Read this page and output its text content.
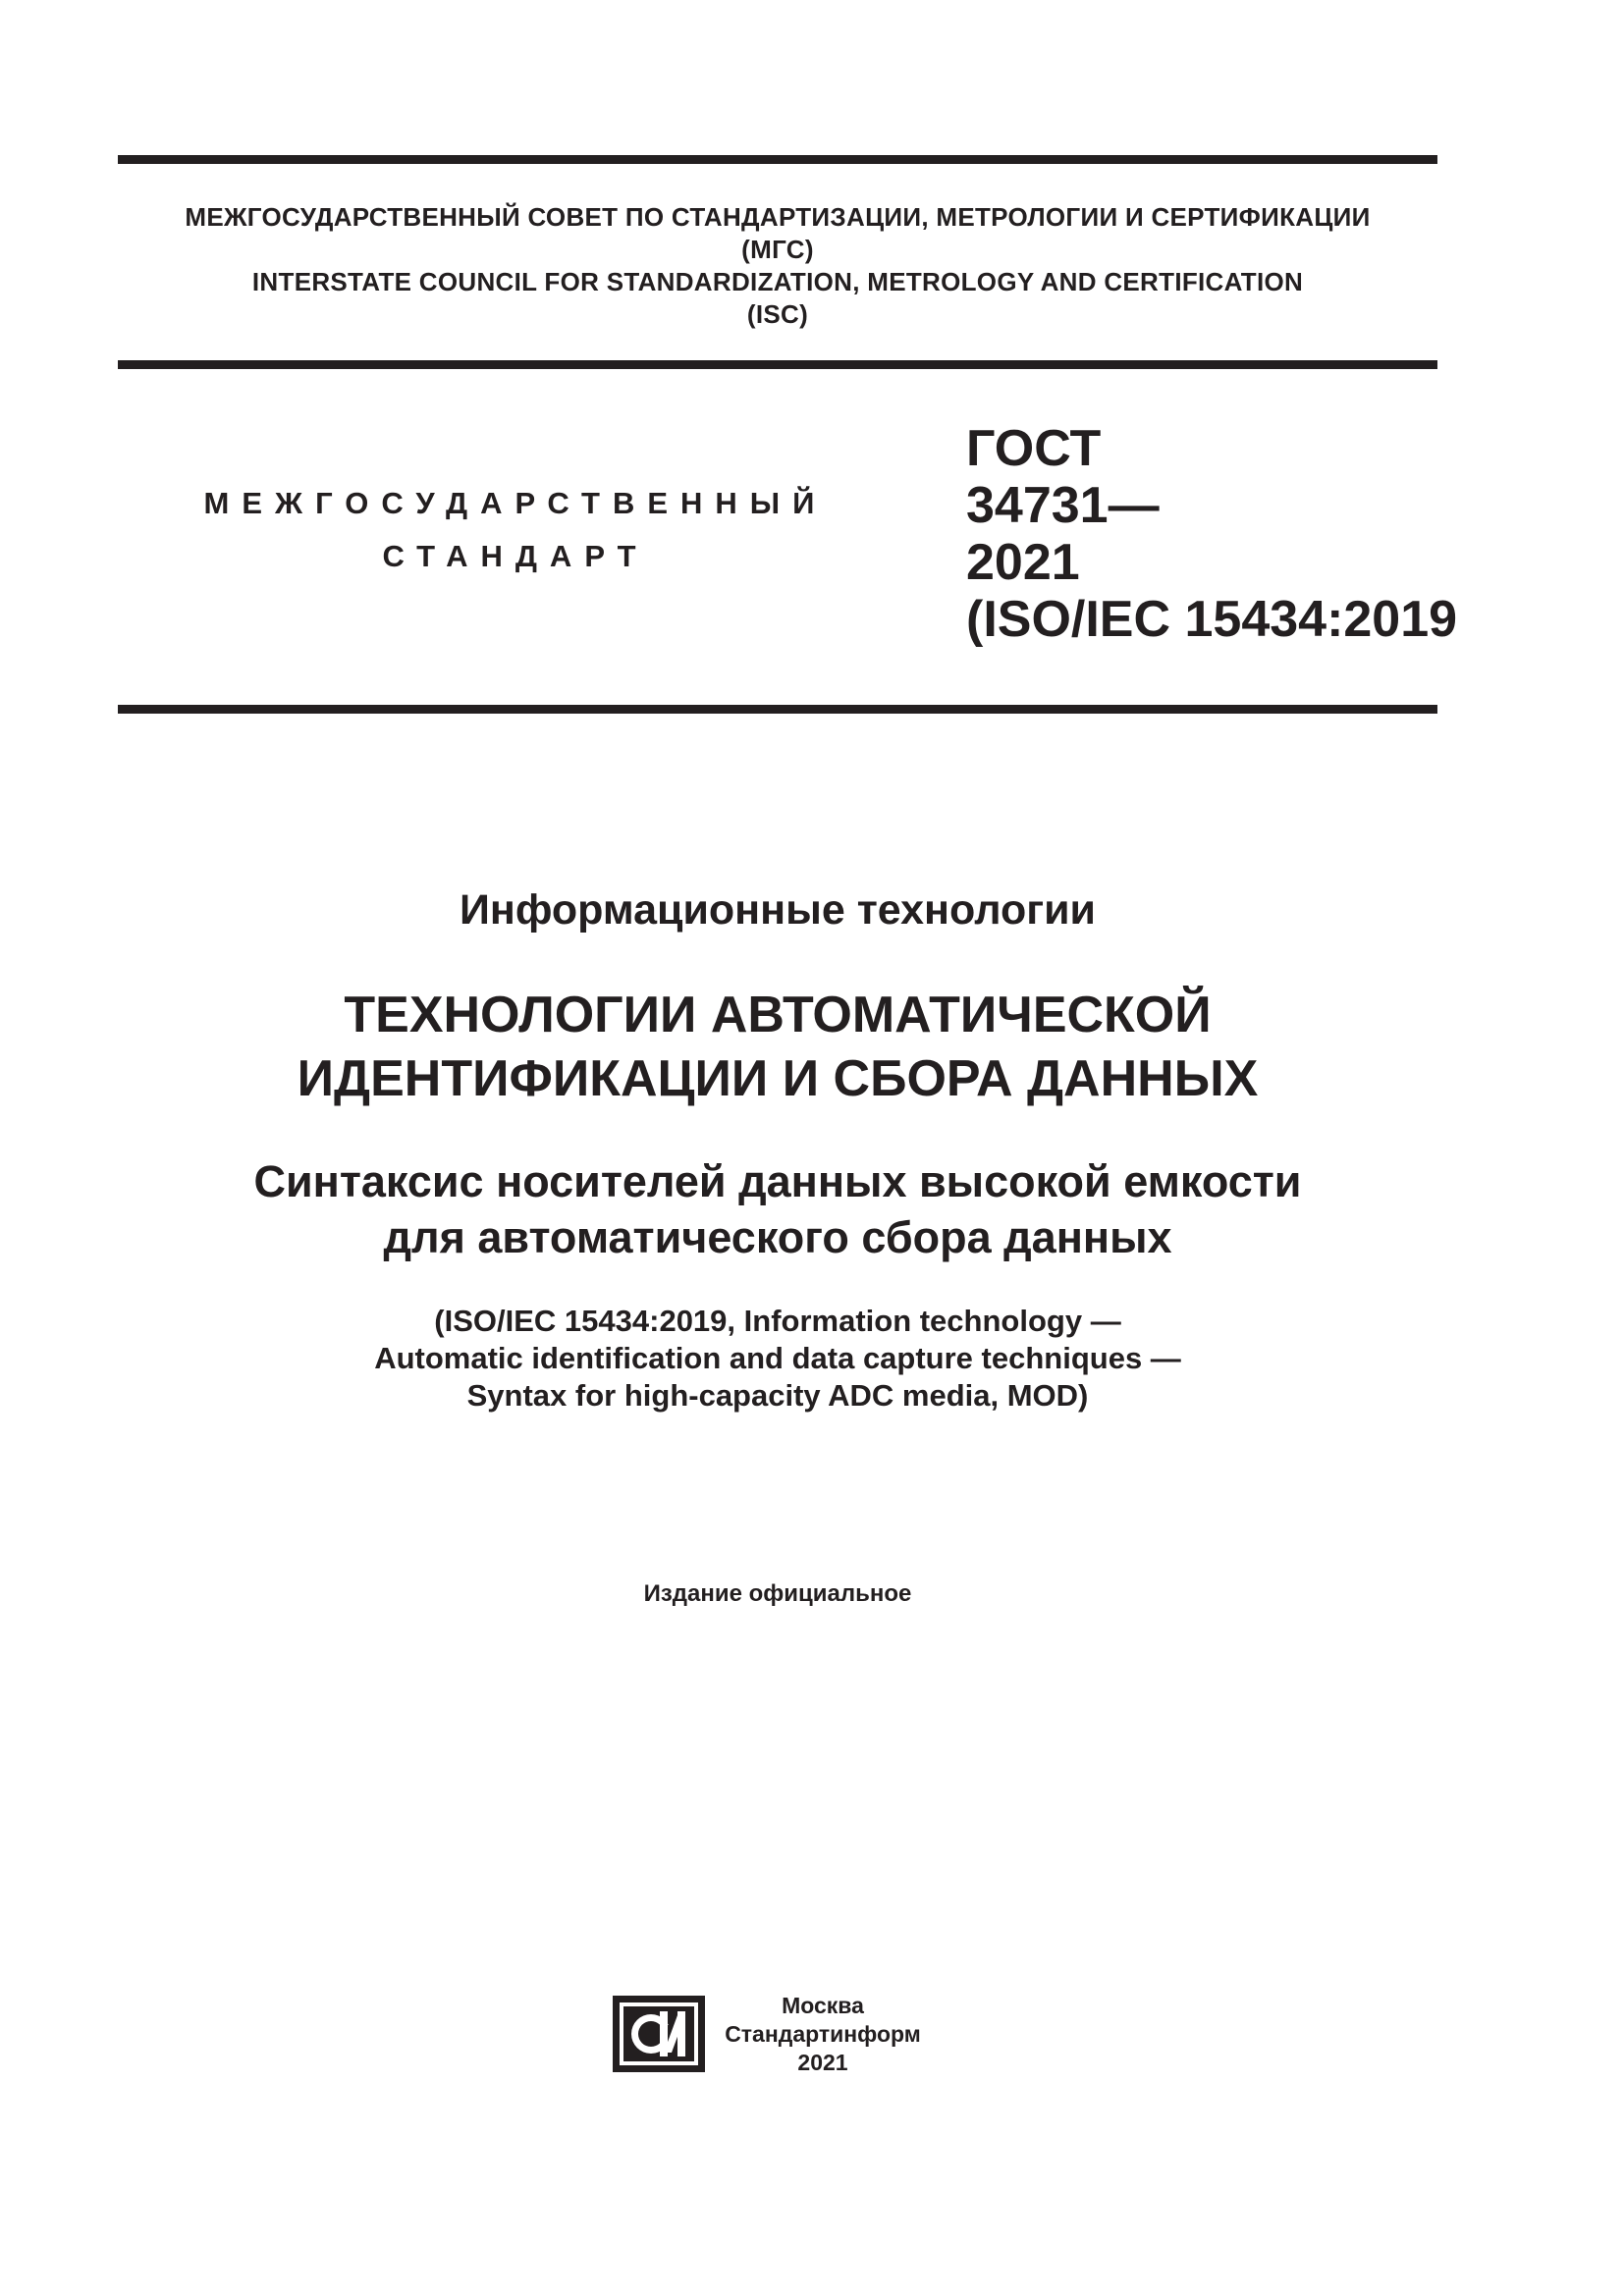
МЕЖГОСУДАРСТВЕННЫЙ СОВЕТ ПО СТАНДАРТИЗАЦИИ, МЕТРОЛОГИИ И СЕРТИФИКАЦИИ
(МГС)
INTERSTATE COUNCIL FOR STANDARDIZATION, METROLOGY AND CERTIFICATION
(ISC)
МЕЖГОСУДАРСТВЕННЫЙ
СТАНДАРТ
ГОСТ
34731—
2021
(ISO/IEC 15434:2019
Информационные технологии
ТЕХНОЛОГИИ АВТОМАТИЧЕСКОЙ
ИДЕНТИФИКАЦИИ И СБОРА ДАННЫХ
Синтаксис носителей данных высокой емкости
для автоматического сбора данных
(ISO/IEC 15434:2019, Information technology —
Automatic identification and data capture techniques —
Syntax for high-capacity ADC media, MOD)
Издание официальное
Москва
Стандартинформ
2021
